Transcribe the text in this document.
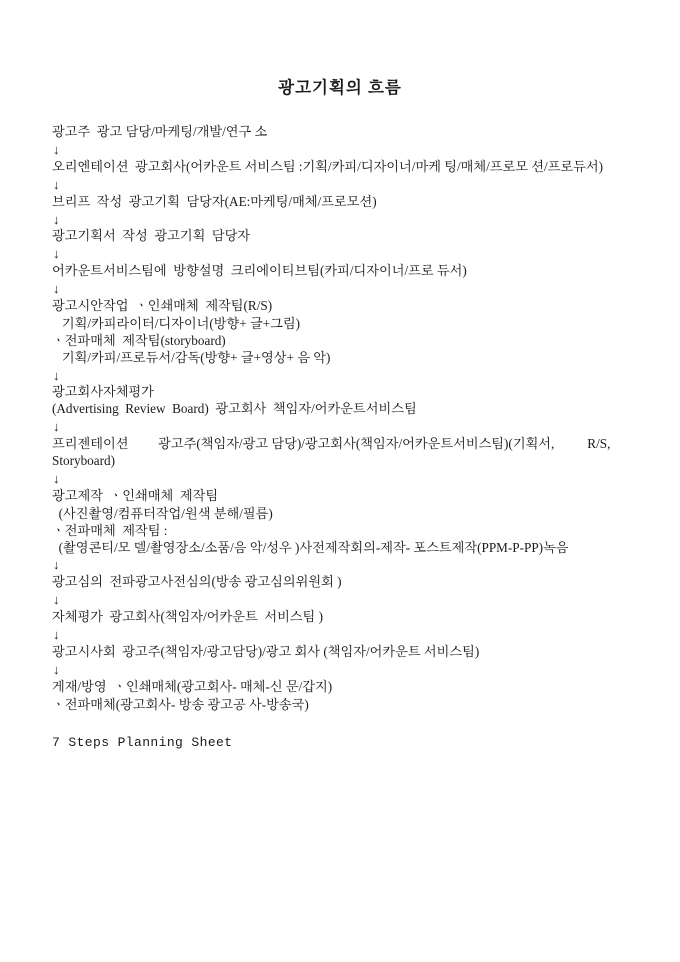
광고기획의 흐름
광고주  광고 담당/마케팅/개발/연구 소
↓
오리엔테이션  광고회사(어카운트 서비스팀 :기획/카피/디자이너/마케 팅/매체/프로모 션/프로듀서)
↓
브리프  작성  광고기획  담당자(AE:마케팅/매체/프로모션)
↓
광고기획서  작성  광고기획  담당자
↓
어카운트서비스팀에  방향설명  크리에이티브팀(카피/디자이너/프로 듀서)
↓
광고시안작업  ㆍ인쇄매체  제작팀(R/S)
기획/카피라이터/디자이너(방향+ 글+그림)
ㆍ전파매체  제작팀(storyboard)
기획/카피/프로듀서/감독(방향+ 글+영상+ 음 악)
↓
광고회사자체평가
(Advertising  Review  Board)  광고회사  책임자/어카운트서비스팀
↓
프리젠테이션         광고주(책임자/광고 담당)/광고회사(책임자/어카운트서비스팀)(기획서,          R/S,
Storyboard)
↓
광고제작  ㆍ인쇄매체  제작팀
(사진촬영/컴퓨터작업/원색 분해/필름)
ㆍ전파매체  제작팀 :
(촬영콘티/모 델/촬영장소/소품/음 악/성우 )사전제작회의-제작- 포스트제작(PPM-P-PP)녹음
↓
광고심의  전파광고사전심의(방송 광고심의위원회 )
↓
자체평가  광고회사(책임자/어카운트  서비스팀 )
↓
광고시사회  광고주(책임자/광고담당)/광고 회사 (책임자/어카운트 서비스팀)
↓
게재/방영  ㆍ인쇄매체(광고회사- 매체-신 문/갑지)
ㆍ전파매체(광고회사- 방송 광고공 사-방송국)
7 Steps Planning Sheet
